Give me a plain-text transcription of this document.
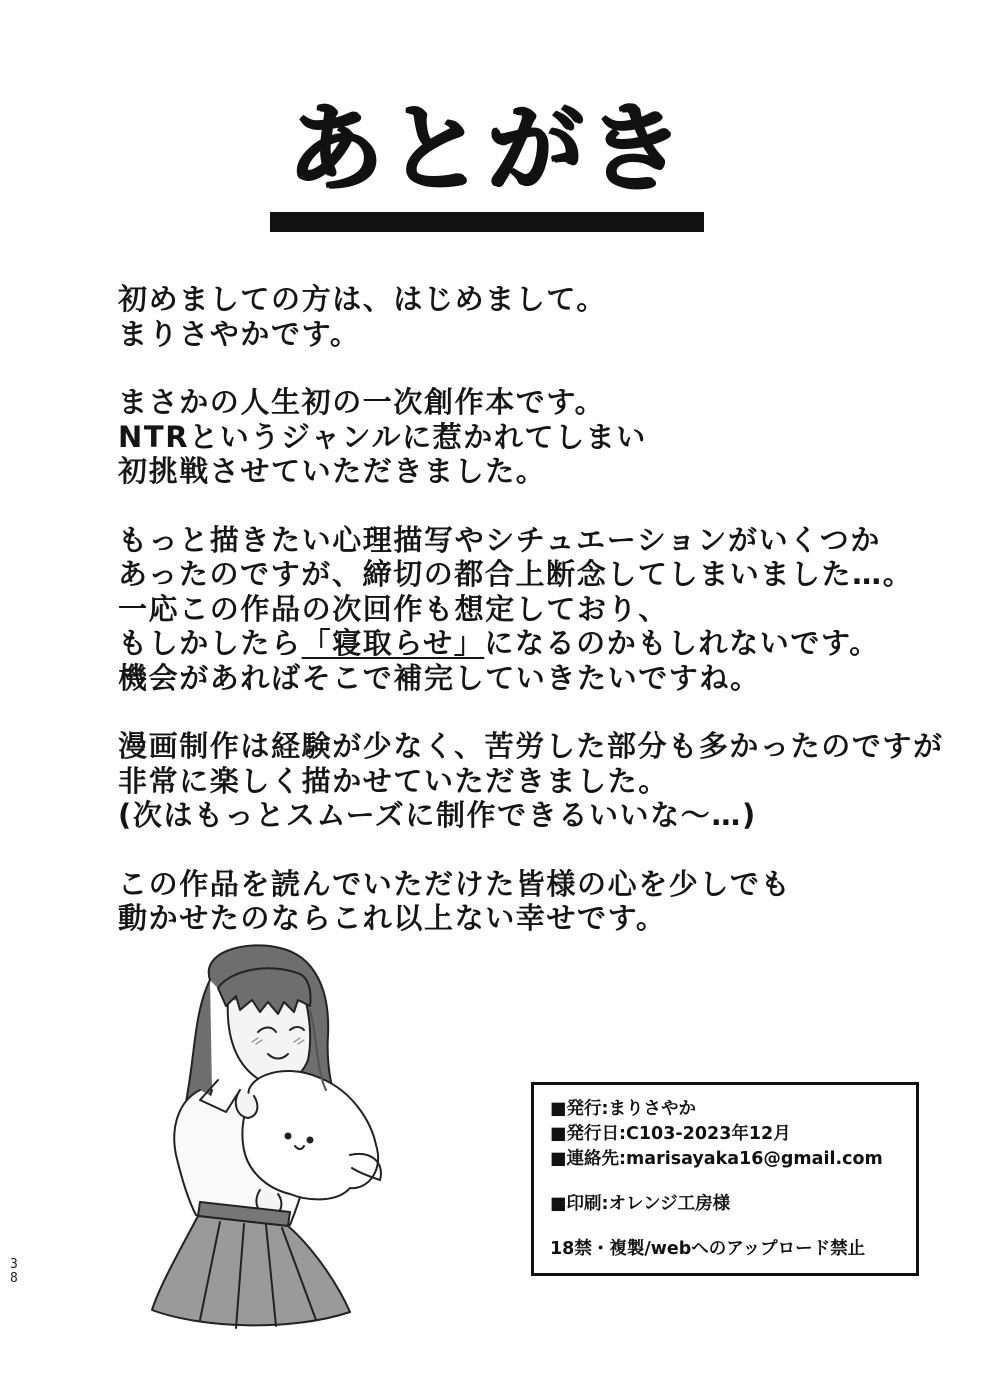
あとがき
初めましての方は、はじめまして。
まりさやかです。
まさかの人生初の一次創作本です。
NTRというジャンルに惹かれてしまい
初挑戦させていただきました。
もっと描きたい心理描写やシチュエーションがいくつか
あったのですが、締切の都合上断念してしまいました…。
一応この作品の次回作も想定しており、
もしかしたら「寝取らせ」になるのかもしれないです。
機会があればそこで補完していきたいですね。
漫画制作は経験が少なく、苦労した部分も多かったのですが
非常に楽しく描かせていただきました。
(次はもっとスムーズに制作できるいいな～…)
この作品を読んでいただけた皆様の心を少しでも
動かせたのならこれ以上ない幸せです。
■発行:まりさやか
■発行日:C103-2023年12月
■連絡先:marisayaka16@gmail.com
■印刷:オレンジ工房様
18禁・複製/webへのアップロード禁止
3
8
